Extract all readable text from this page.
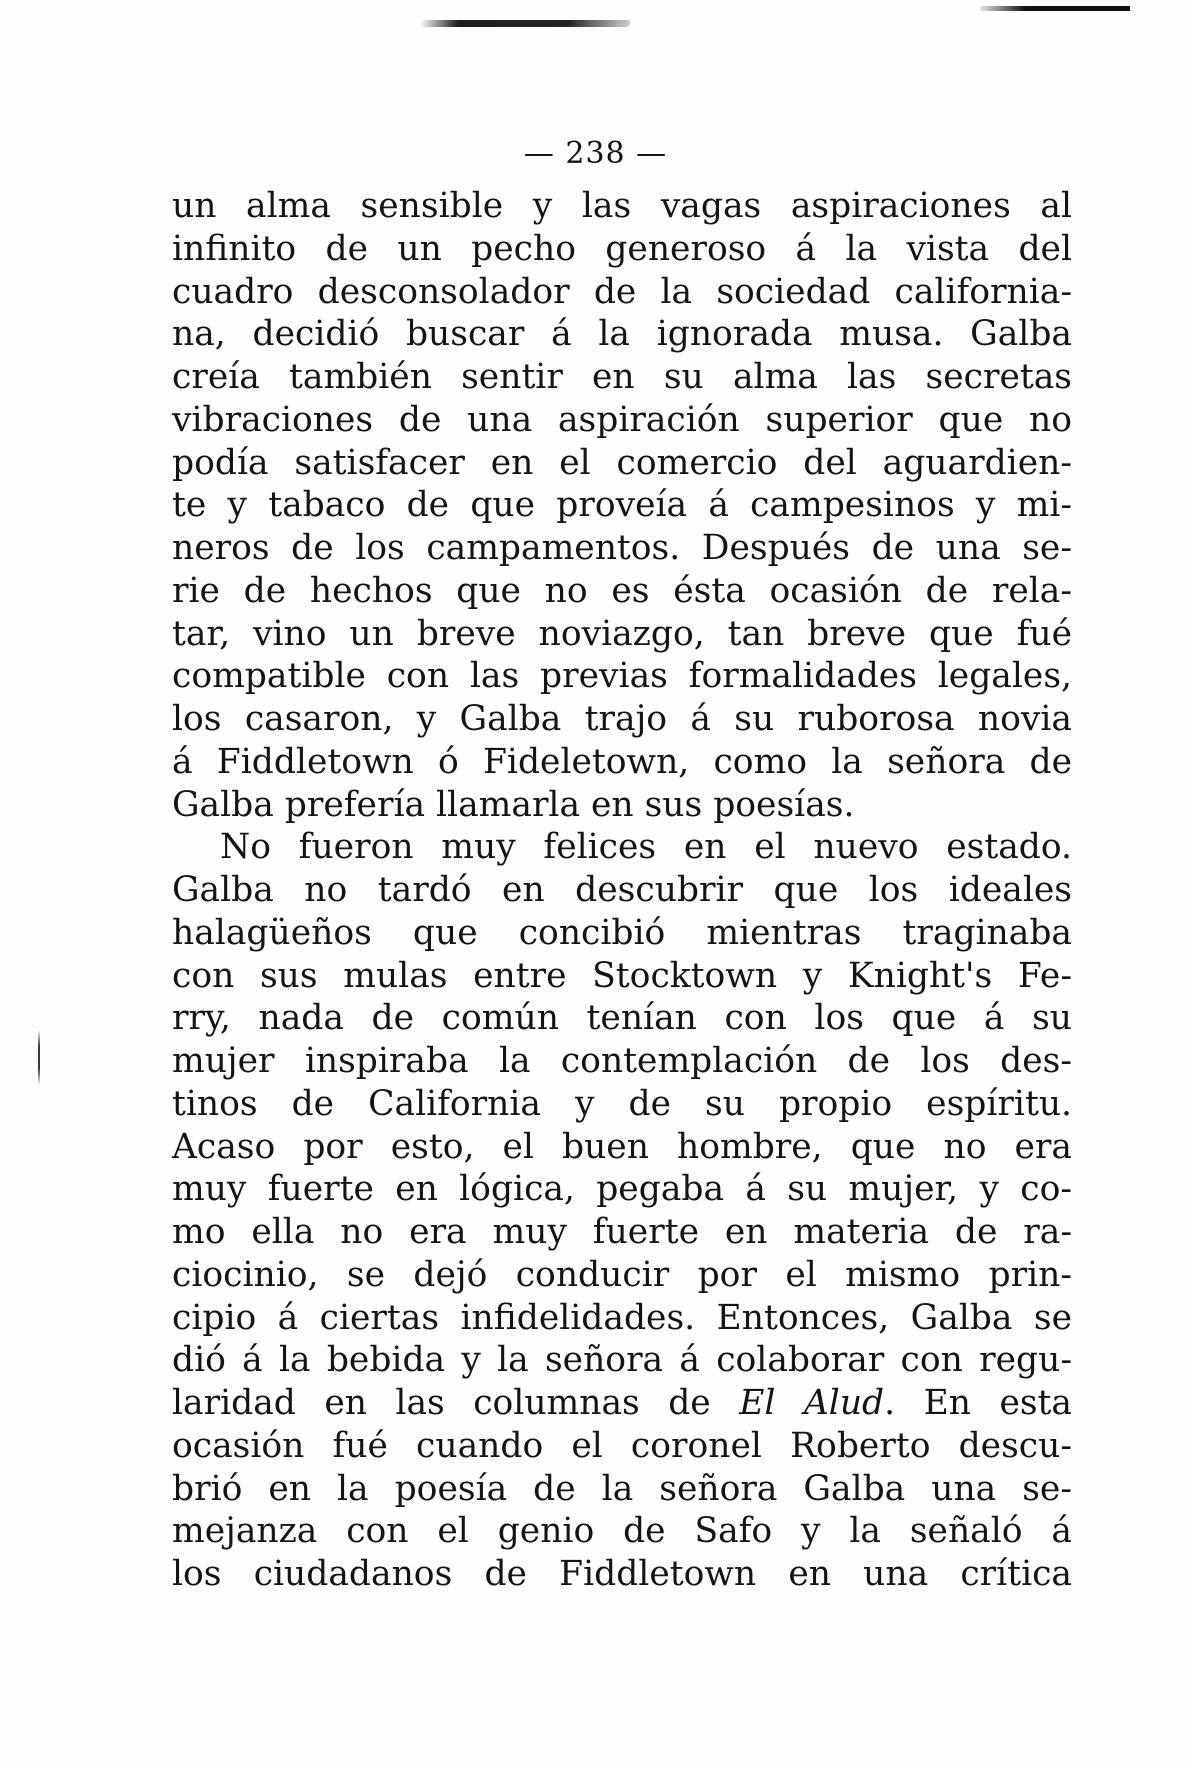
— 238 —
un alma sensible y las vagas aspiraciones al
infinito de un pecho generoso á la vista del
cuadro desconsolador de la sociedad california-
na, decidió buscar á la ignorada musa. Galba
creía también sentir en su alma las secretas
vibraciones de una aspiración superior que no
podía satisfacer en el comercio del aguardien-
te y tabaco de que proveía á campesinos y mi-
neros de los campamentos. Después de una se-
rie de hechos que no es ésta ocasión de rela-
tar, vino un breve noviazgo, tan breve que fué
compatible con las previas formalidades legales,
los casaron, y Galba trajo á su ruborosa novia
á Fiddletown ó Fideletown, como la señora de
Galba prefería llamarla en sus poesías.
No fueron muy felices en el nuevo estado.
Galba no tardó en descubrir que los ideales
halagüeños que concibió mientras traginaba
con sus mulas entre Stocktown y Knight's Fe-
rry, nada de común tenían con los que á su
mujer inspiraba la contemplación de los des-
tinos de California y de su propio espíritu.
Acaso por esto, el buen hombre, que no era
muy fuerte en lógica, pegaba á su mujer, y co-
mo ella no era muy fuerte en materia de ra-
ciocinio, se dejó conducir por el mismo prin-
cipio á ciertas infidelidades. Entonces, Galba se
dió á la bebida y la señora á colaborar con regu-
laridad en las columnas de El Alud. En esta
ocasión fué cuando el coronel Roberto descu-
brió en la poesía de la señora Galba una se-
mejanza con el genio de Safo y la señaló á
los ciudadanos de Fiddletown en una crítica
